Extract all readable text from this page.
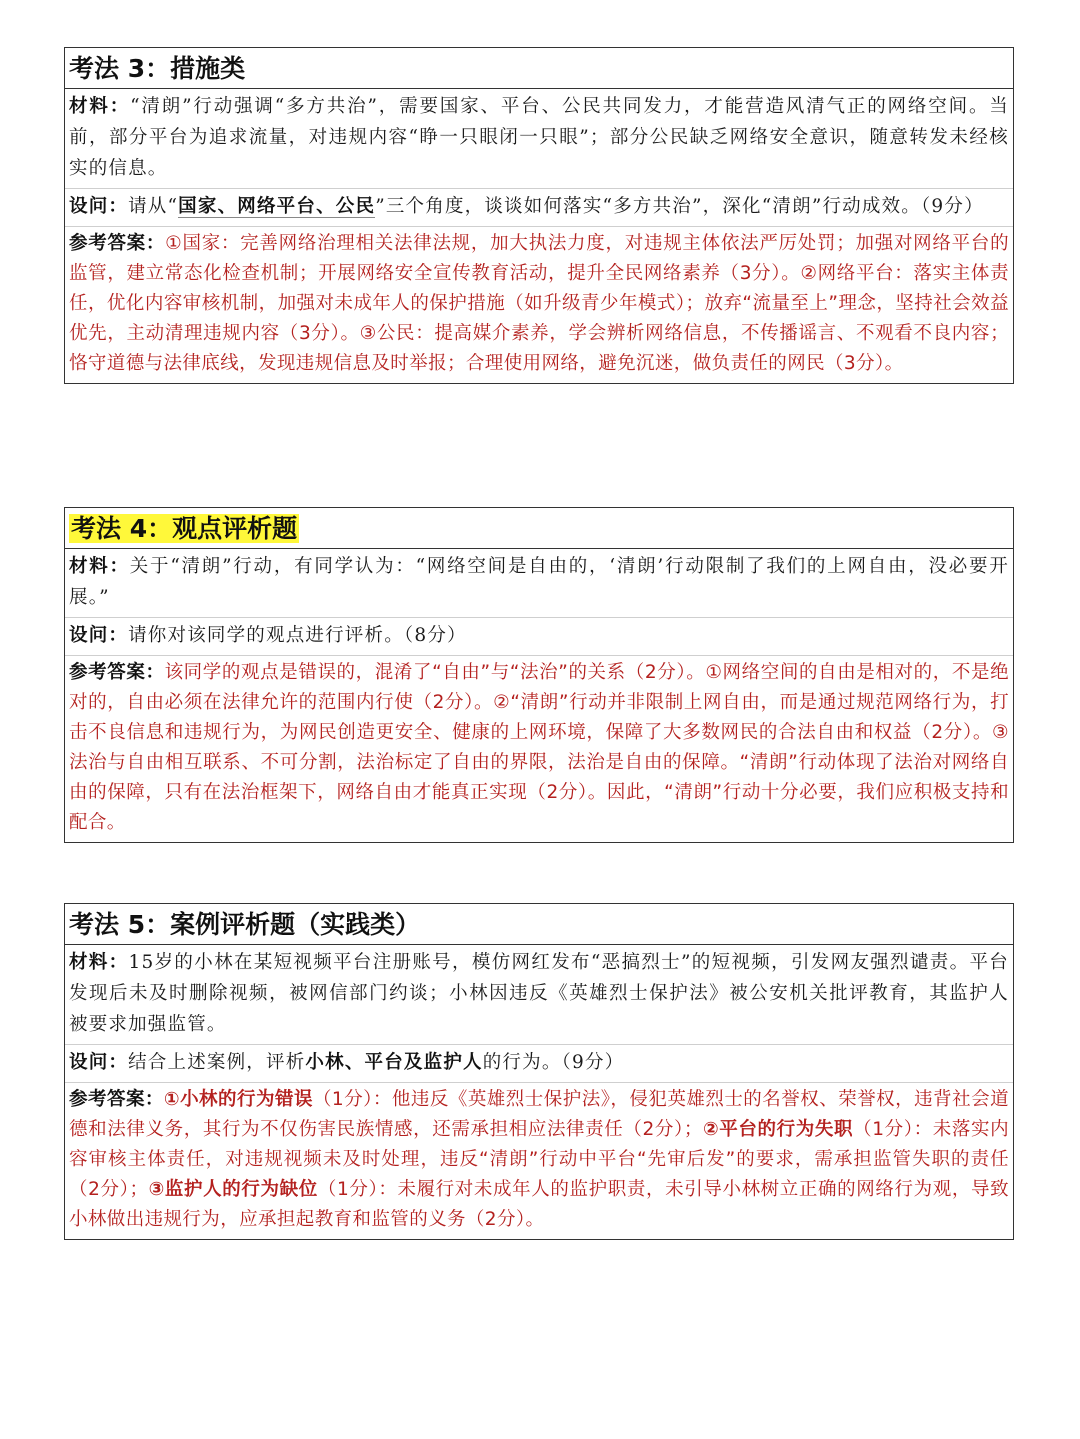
考法 3：措施类
材料：“清朗”行动强调“多方共治”，需要国家、平台、公民共同发力，才能营造风清气正的网络空间。当前，部分平台为追求流量，对违规内容“睁一只眼闭一只眼”；部分公民缺乏网络安全意识，随意转发未经核实的信息。
设问：请从“国家、网络平台、公民”三个角度，谈谈如何落实“多方共治”，深化“清朗”行动成效。（9分）
参考答案：①国家：完善网络治理相关法律法规，加大执法力度，对违规主体依法严厉处罚；加强对网络平台的监管，建立常态化检查机制；开展网络安全宣传教育活动，提升全民网络素养（3分）。②网络平台：落实主体责任，优化内容审核机制，加强对未成年人的保护措施（如升级青少年模式）；放弃“流量至上”理念，坚持社会效益优先，主动清理违规内容（3分）。③公民：提高媒介素养，学会辨析网络信息，不传播谣言、不观看不良内容；恪守道德与法律底线，发现违规信息及时举报；合理使用网络，避免沉迷，做负责任的网民（3分）。
考法 4：观点评析题
材料：关于“清朗”行动，有同学认为：“网络空间是自由的，‘清朗’行动限制了我们的上网自由，没必要开展。”
设问：请你对该同学的观点进行评析。（8分）
参考答案：该同学的观点是错误的，混淆了“自由”与“法治”的关系（2分）。①网络空间的自由是相对的，不是绝对的，自由必须在法律允许的范围内行使（2分）。②“清朗”行动并非限制上网自由，而是通过规范网络行为，打击不良信息和违规行为，为网民创造更安全、健康的上网环境，保障了大多数网民的合法自由和权益（2分）。③法治与自由相互联系、不可分割，法治标定了自由的界限，法治是自由的保障。“清朗”行动体现了法治对网络自由的保障，只有在法治框架下，网络自由才能真正实现（2分）。因此，“清朗”行动十分必要，我们应积极支持和配合。
考法 5：案例评析题（实践类）
材料：15岁的小林在某短视频平台注册账号，模仿网红发布“恶搞烈士”的短视频，引发网友强烈谴责。平台发现后未及时删除视频，被网信部门约谈；小林因违反《英雄烈士保护法》被公安机关批评教育，其监护人被要求加强监管。
设问：结合上述案例，评析小林、平台及监护人的行为。（9分）
参考答案：①小林的行为错误（1分）：他违反《英雄烈士保护法》，侵犯英雄烈士的名誉权、荣誉权，违背社会道德和法律义务，其行为不仅伤害民族情感，还需承担相应法律责任（2分）；②平台的行为失职（1分）：未落实内容审核主体责任，对违规视频未及时处理，违反“清朗”行动中平台“先审后发”的要求，需承担监管失职的责任（2分）；③监护人的行为缺位（1分）：未履行对未成年人的监护职责，未引导小林树立正确的网络行为观，导致小林做出违规行为，应承担起教育和监管的义务（2分）。
